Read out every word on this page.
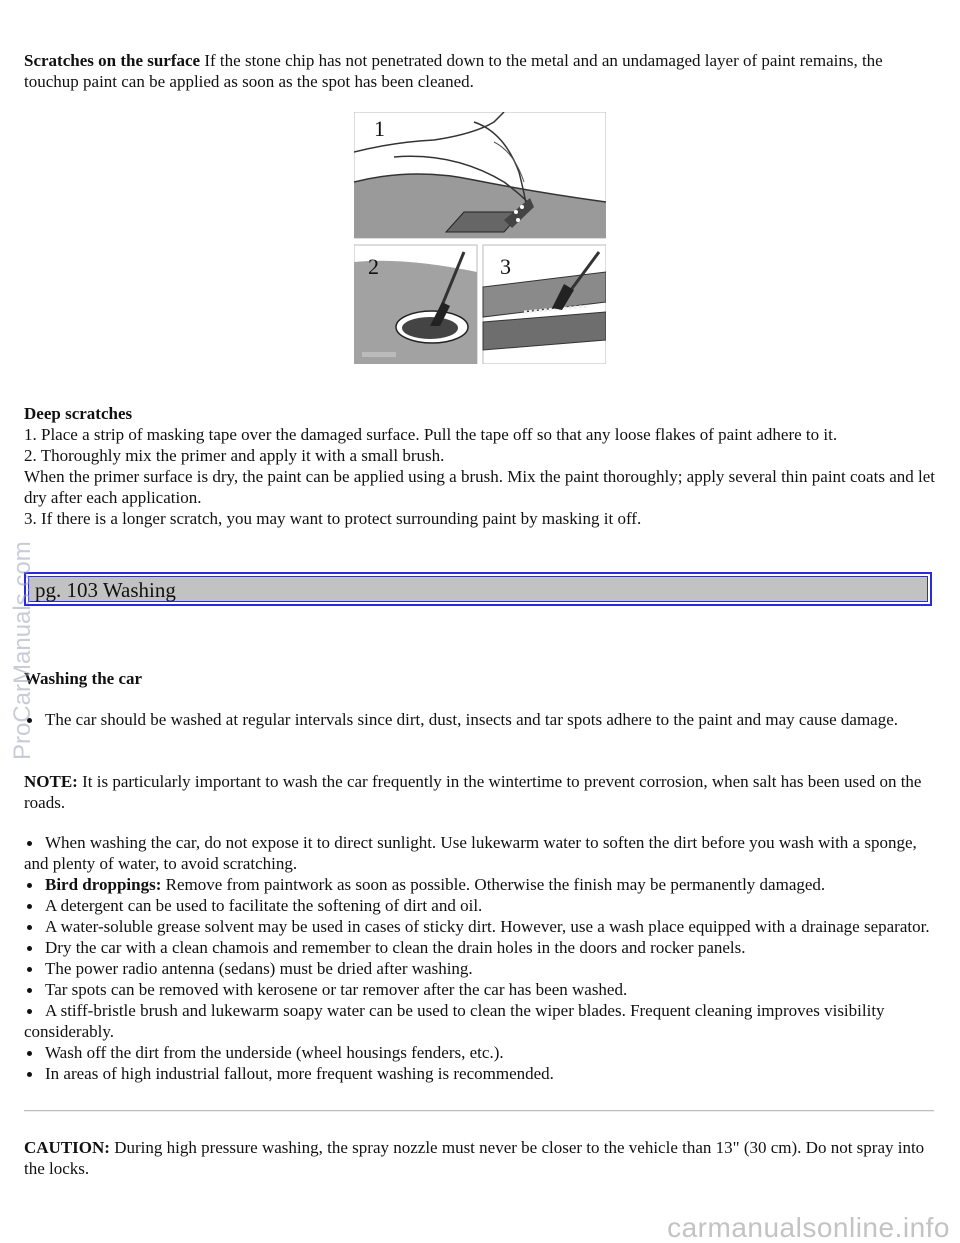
Scratches on the surface If the stone chip has not penetrated down to the metal and an undamaged layer of paint remains, the touchup paint can be applied as soon as the spot has been cleaned.

1
2	3

Deep scratches

1. Place a strip of masking tape over the damaged surface. Pull the tape off so that any loose flakes of paint adhere to it.

2. Thoroughly mix the primer and apply it with a small brush.

When the primer surface is dry, the paint can be applied using a brush. Mix the paint thoroughly; apply several thin paint coats and let dry after each application.

3. If there is a longer scratch, you may want to protect surrounding paint by masking it off.

pg. 103 Washing

Washing the car

The car should be washed at regular intervals since dirt, dust, insects and tar spots adhere to the paint and may cause damage.

NOTE: It is particularly important to wash the car frequently in the wintertime to prevent corrosion, when salt has been used on the roads.

When washing the car, do not expose it to direct sunlight. Use lukewarm water to soften the dirt before you wash with a sponge, and plenty of water, to avoid scratching.
Bird droppings: Remove from paintwork as soon as possible. Otherwise the finish may be permanently damaged.
A detergent can be used to facilitate the softening of dirt and oil.
A water-soluble grease solvent may be used in cases of sticky dirt. However, use a wash place equipped with a drainage separator.
Dry the car with a clean chamois and remember to clean the drain holes in the doors and rocker panels.
The power radio antenna (sedans) must be dried after washing.
Tar spots can be removed with kerosene or tar remover after the car has been washed.
A stiff-bristle brush and lukewarm soapy water can be used to clean the wiper blades. Frequent cleaning improves visibility considerably.
Wash off the dirt from the underside (wheel housings fenders, etc.).
In areas of high industrial fallout, more frequent washing is recommended.

CAUTION: During high pressure washing, the spray nozzle must never be closer to the vehicle than 13" (30 cm). Do not spray into the locks.

ProCarManuals.com
carmanualsonline.info
